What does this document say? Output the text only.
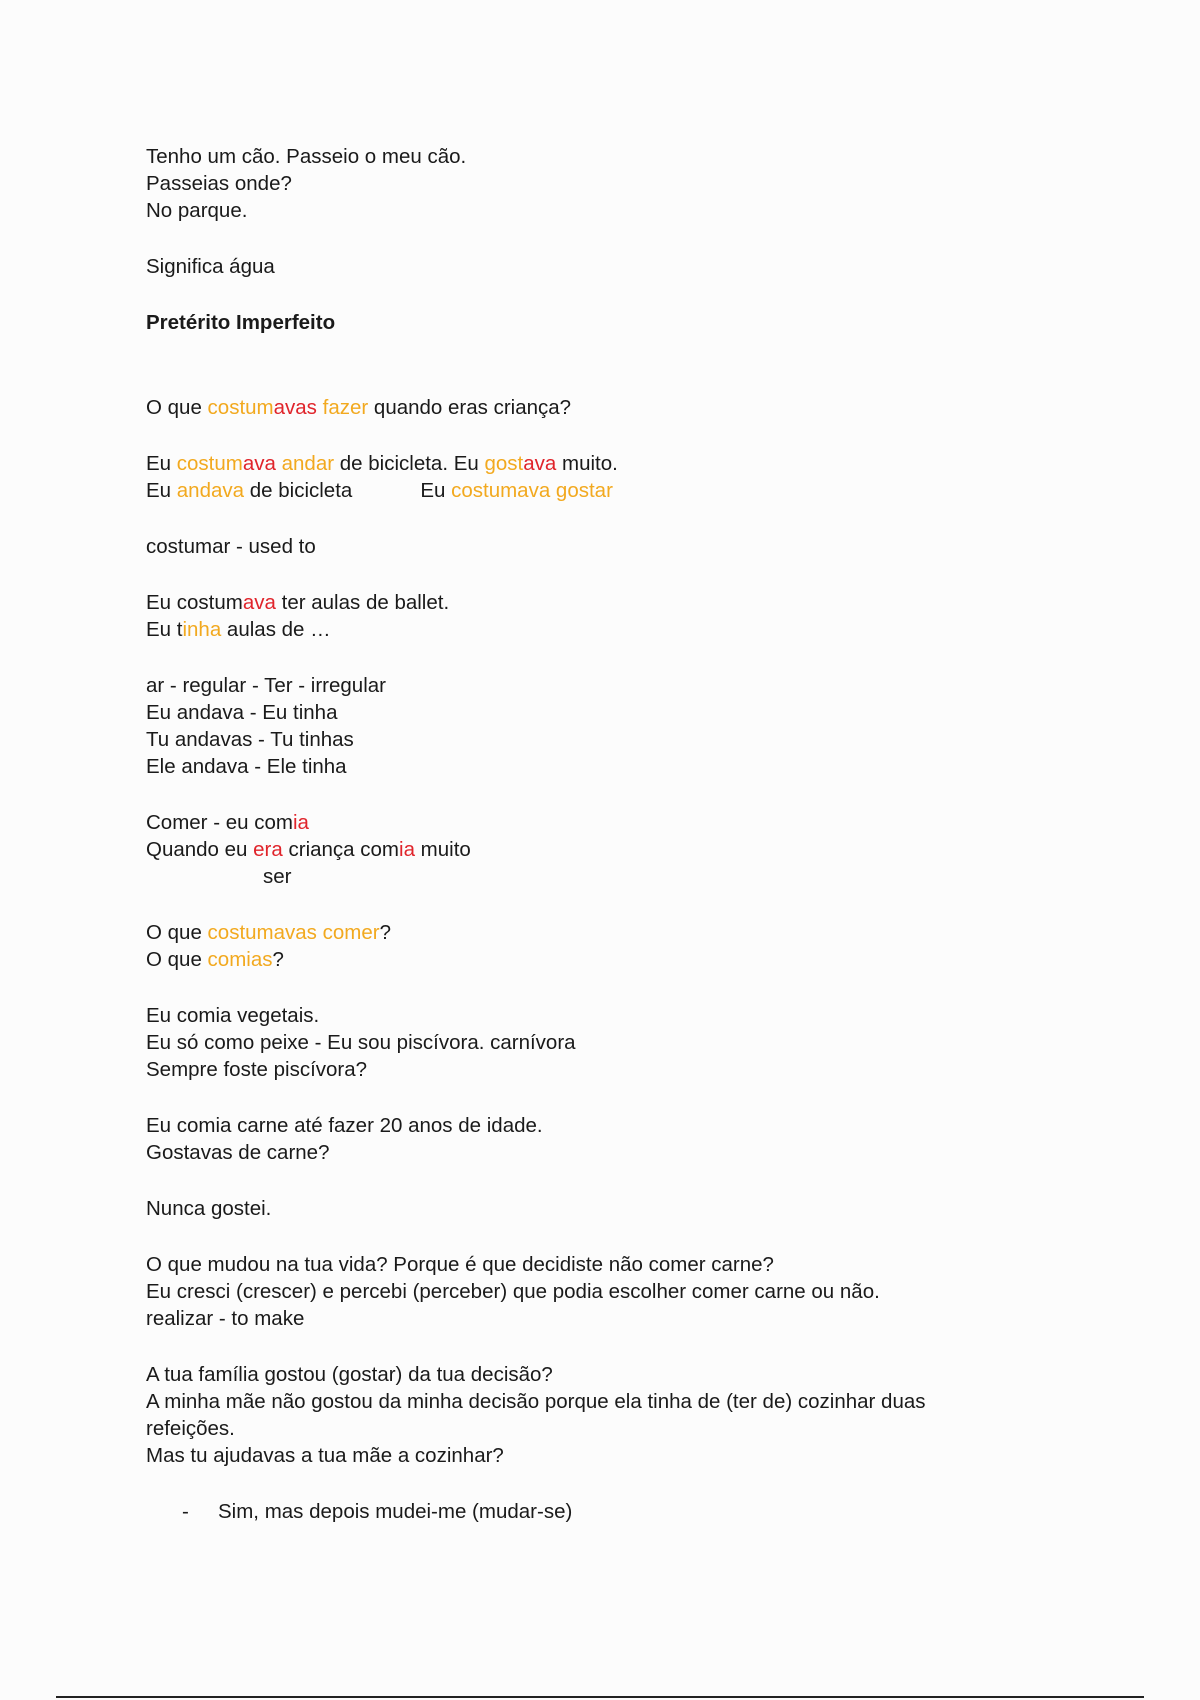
Tenho um cão. Passeio o meu cão.
Passeias onde?
No parque.
Significa água
Pretérito Imperfeito
O que costumavas fazer quando eras criança?
Eu costumava andar de bicicleta. Eu gostava muito.
Eu andava de bicicleta	Eu costumava gostar
costumar - used to
Eu costumava ter aulas de ballet.
Eu tinha aulas de …
ar - regular - Ter - irregular
Eu andava - Eu tinha
Tu andavas - Tu tinhas
Ele andava - Ele tinha
Comer - eu comia
Quando eu era criança comia muito
ser
O que costumavas comer?
O que comias?
Eu comia vegetais.
Eu só como peixe - Eu sou piscívora. carnívora
Sempre foste piscívora?
Eu comia carne até fazer 20 anos de idade.
Gostavas de carne?
Nunca gostei.
O que mudou na tua vida? Porque é que decidiste não comer carne?
Eu cresci (crescer) e percebi (perceber) que podia escolher comer carne ou não.
realizar - to make
A tua família gostou (gostar) da tua decisão?
A minha mãe não gostou da minha decisão porque ela tinha de (ter de) cozinhar duas
refeições.
Mas tu ajudavas a tua mãe a cozinhar?
- Sim, mas depois mudei-me (mudar-se)
